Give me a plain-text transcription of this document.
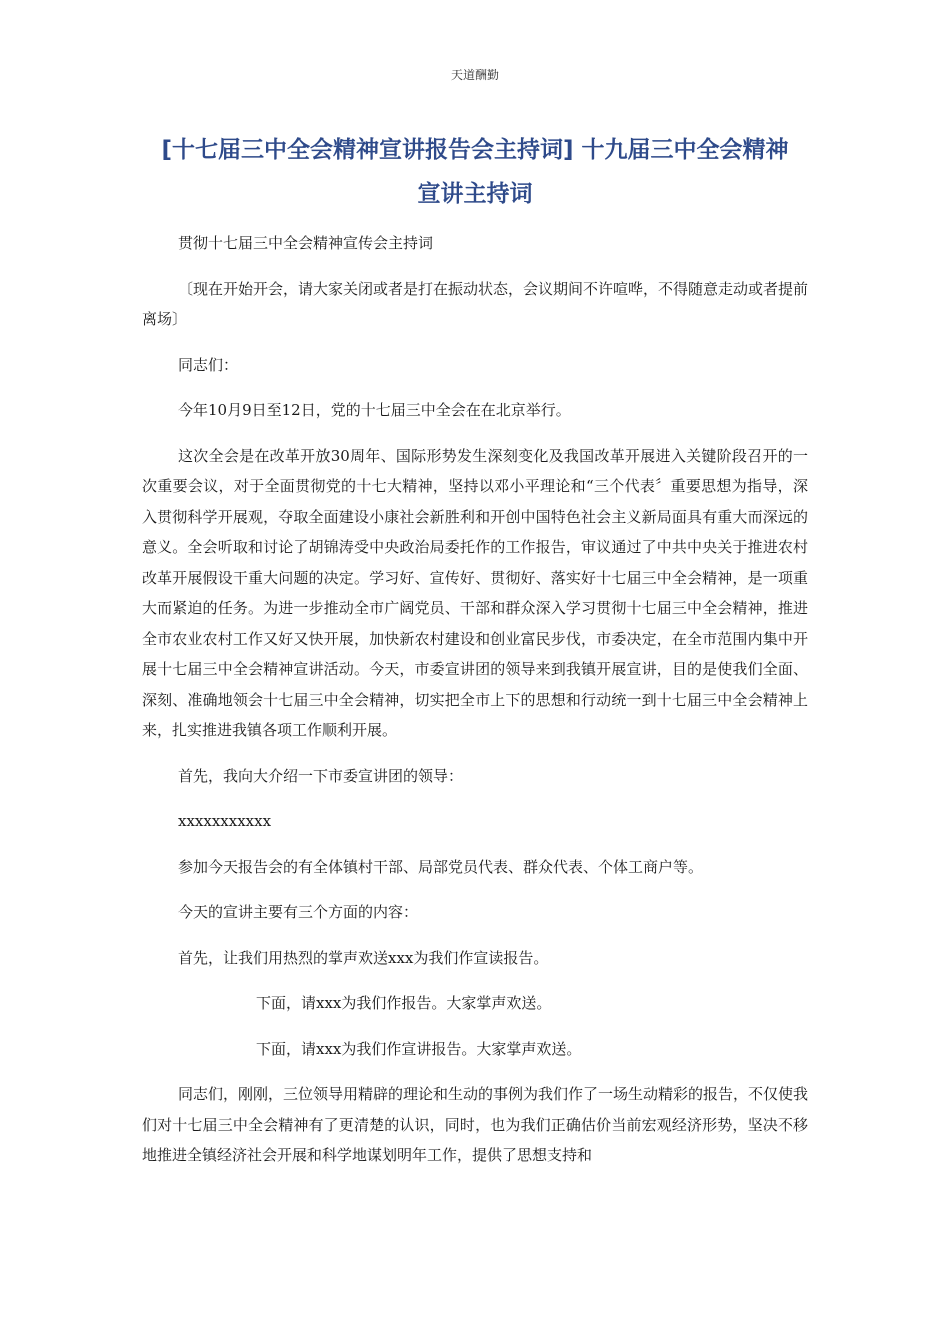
天道酬勤
[十七届三中全会精神宣讲报告会主持词] 十九届三中全会精神
宣讲主持词

贯彻十七届三中全会精神宣传会主持词

〔现在开始开会，请大家关闭或者是打在振动状态，会议期间不许喧哗，不得随意走动或者提前离场〕

同志们：

今年10月9日至12日，党的十七届三中全会在在北京举行。

这次全会是在改革开放30周年、国际形势发生深刻变化及我国改革开展进入关键阶段召开的一次重要会议，对于全面贯彻党的十七大精神，坚持以邓小平理论和“三个代表〞重要思想为指导，深入贯彻科学开展观，夺取全面建设小康社会新胜利和开创中国特色社会主义新局面具有重大而深远的意义。全会听取和讨论了胡锦涛受中央政治局委托作的工作报告，审议通过了中共中央关于推进农村改革开展假设干重大问题的决定。学习好、宣传好、贯彻好、落实好十七届三中全会精神，是一项重大而紧迫的任务。为进一步推动全市广阔党员、干部和群众深入学习贯彻十七届三中全会精神，推进全市农业农村工作又好又快开展，加快新农村建设和创业富民步伐，市委决定，在全市范围内集中开展十七届三中全会精神宣讲活动。今天，市委宣讲团的领导来到我镇开展宣讲，目的是使我们全面、深刻、准确地领会十七届三中全会精神，切实把全市上下的思想和行动统一到十七届三中全会精神上来，扎实推进我镇各项工作顺利开展。

首先，我向大介绍一下市委宣讲团的领导：

xxxxxxxxxxx

参加今天报告会的有全体镇村干部、局部党员代表、群众代表、个体工商户等。

今天的宣讲主要有三个方面的内容：

首先，让我们用热烈的掌声欢送xxx为我们作宣读报告。

下面，请xxx为我们作报告。大家掌声欢送。

下面，请xxx为我们作宣讲报告。大家掌声欢送。

同志们，刚刚，三位领导用精辟的理论和生动的事例为我们作了一场生动精彩的报告，不仅使我们对十七届三中全会精神有了更清楚的认识，同时，也为我们正确估价当前宏观经济形势，坚决不移地推进全镇经济社会开展和科学地谋划明年工作，提供了思想支持和
